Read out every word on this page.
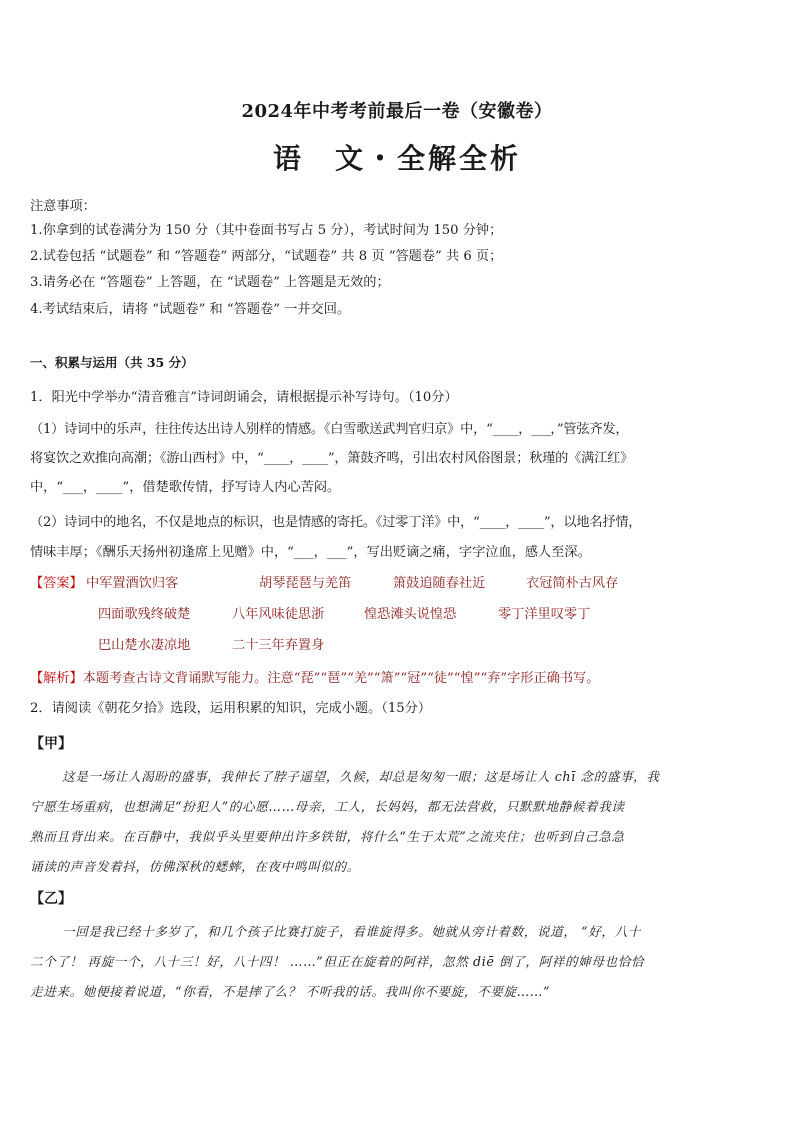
2024年中考考前最后一卷（安徽卷）
语　文・全解全析
注意事项：
1.你拿到的试卷满分为 150 分（其中卷面书写占 5 分），考试时间为 150 分钟；
2.试卷包括 “试题卷” 和 “答题卷” 两部分，“试题卷” 共 8 页 “答题卷” 共 6 页；
3.请务必在 “答题卷” 上答题，在 “试题卷” 上答题是无效的；
4.考试结束后，请将 “试题卷” 和 “答题卷” 一并交回。
一、积累与运用（共 35 分）
1．阳光中学举办“清音雅言”诗词朗诵会，请根据提示补写诗句。（10分）
（1）诗词中的乐声，往往传达出诗人别样的情感。《白雪歌送武判官归京》中，“____，___，”管弦齐发，
将宴饮之欢推向高潮；《游山西村》中，“____，____”，箫鼓齐鸣，引出农村风俗图景；秋瑾的《满江红》
中，“___，____”，借楚歌传情，抒写诗人内心苦闷。
（2）诗词中的地名，不仅是地点的标识，也是情感的寄托。《过零丁洋》中，“____，____”，以地名抒情，
情味丰厚；《酬乐天扬州初逢席上见赠》中，“___，___”，写出贬谪之痛，字字泣血，感人至深。
【答案】 中军置酒饮归客	胡琴琵琶与羌笛	箫鼓追随春社近	衣冠简朴古风存
四面歌残终破楚	八年风味徒思浙	惶恐滩头说惶恐	零丁洋里叹零丁
巴山楚水凄凉地	二十三年弃置身
【解析】本题考查古诗文背诵默写能力。注意“琵”“琶”“羌”“箫”“冠”“徒”“惶”“弃”字形正确书写。
2．请阅读《朝花夕拾》选段，运用积累的知识，完成小题。（15分）
【甲】
这是一场让人渴盼的盛事，我伸长了脖子遥望，久候，却总是匆匆一眼；这是场让人 chī 念的盛事，我
宁愿生场重病，也想满足“扮犯人”的心愿……母亲，工人，长妈妈，都无法营救，只默默地静候着我读
熟而且背出来。在百静中，我似乎头里要伸出许多铁钳，将什么“生于太荒”之流夹住；也听到自己急急
诵读的声音发着抖，仿佛深秋的蟋蟀，在夜中鸣叫似的。
【乙】
一回是我已经十多岁了，和几个孩子比赛打旋子，看谁旋得多。她就从旁计着数，说道， “好，八十
二个了！ 再旋一个，八十三！好，八十四！ ……”但正在旋着的阿祥，忽然 diē 倒了，阿祥的婶母也恰恰
走进来。她便接着说道，“你看，不是摔了么？ 不听我的话。我叫你不要旋，不要旋……”
